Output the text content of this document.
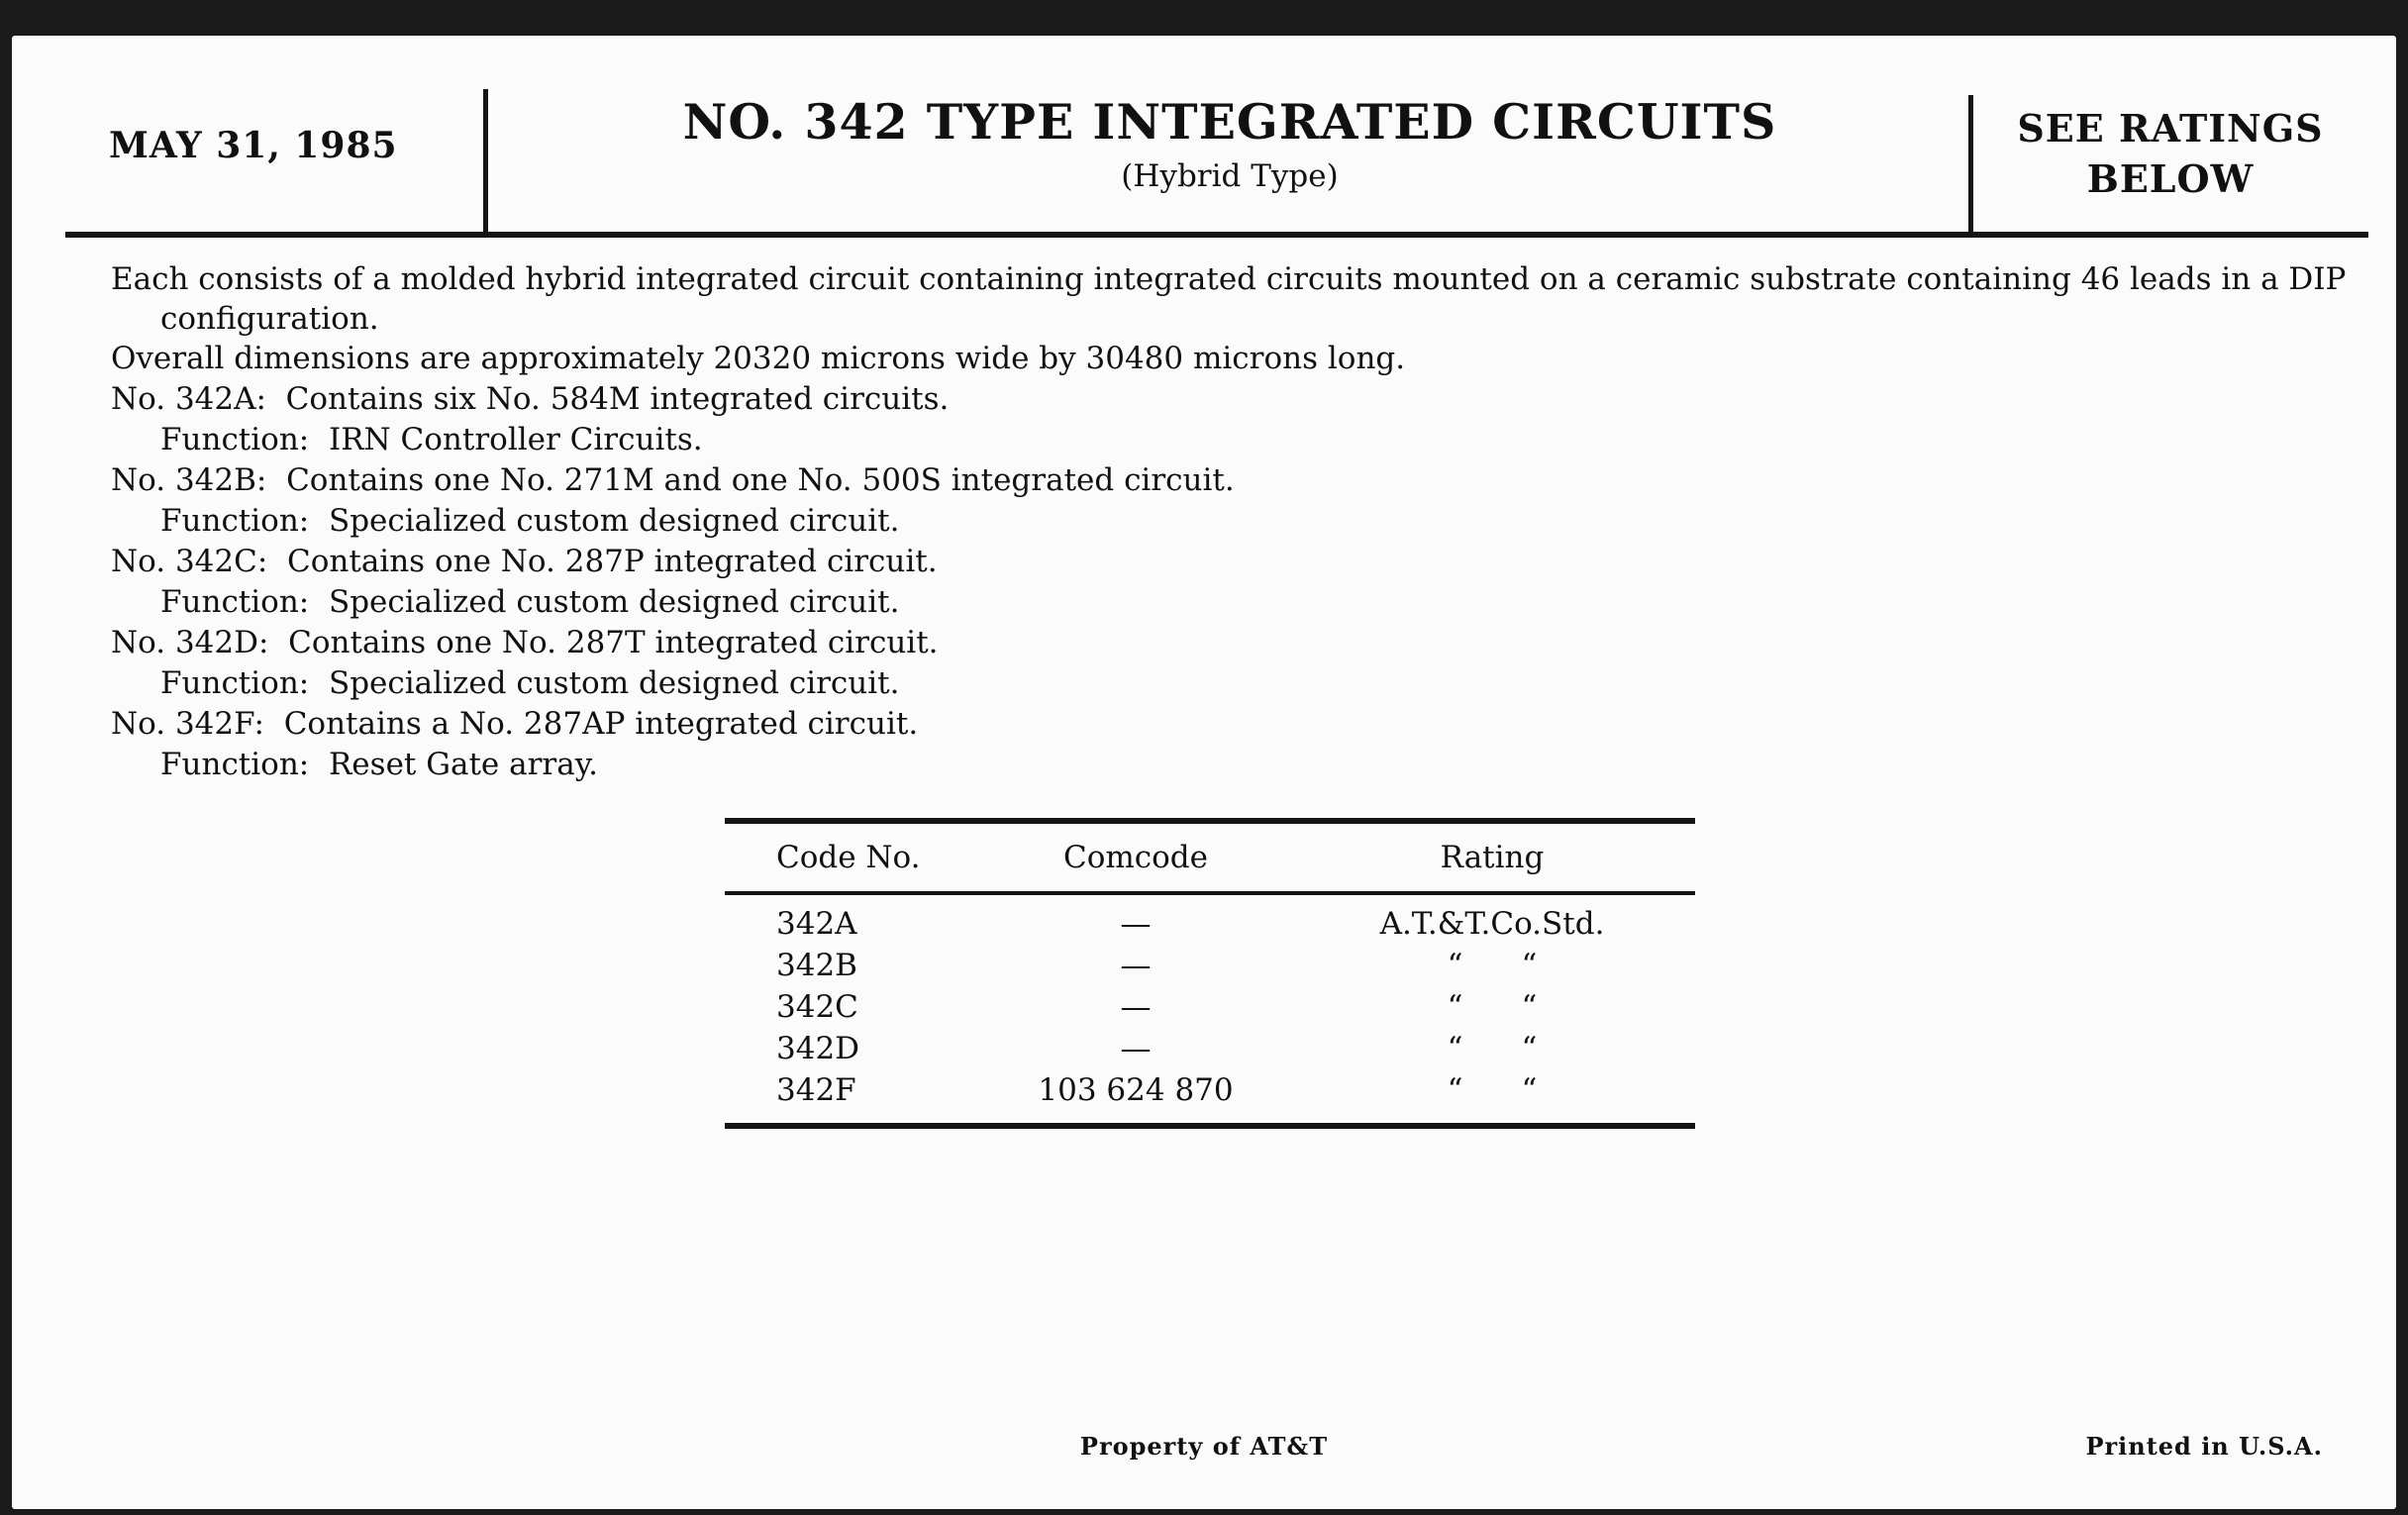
MAY 31, 1985	NO. 342 TYPE INTEGRATED CIRCUITS
(Hybrid Type)
SEE RATINGS
BELOW

Each consists of a molded hybrid integrated circuit containing integrated circuits mounted on a ceramic substrate containing 46 leads in a DIP

configuration.

Overall dimensions are approximately 20320 microns wide by 30480 microns long.
No. 342A: Contains six No. 584M integrated circuits.
Function: IRN Controller Circuits.
No. 342B: Contains one No. 271M and one No. 500S integrated circuit.
Function: Specialized custom designed circuit.
No. 342C: Contains one No. 287P integrated circuit.
Function: Specialized custom designed circuit.
No. 342D: Contains one No. 287T integrated circuit.
Function: Specialized custom designed circuit.
No. 342F: Contains a No. 287AP integrated circuit.
Function: Reset Gate array.
Code No.	Comcode	Rating
342A	—	A.T.&T.Co.Std.
342B	—	“      “
342C	—	“      “
342D	—	“      “
342F	103 624 870	“      “
Property of AT&T	Printed in U.S.A.
